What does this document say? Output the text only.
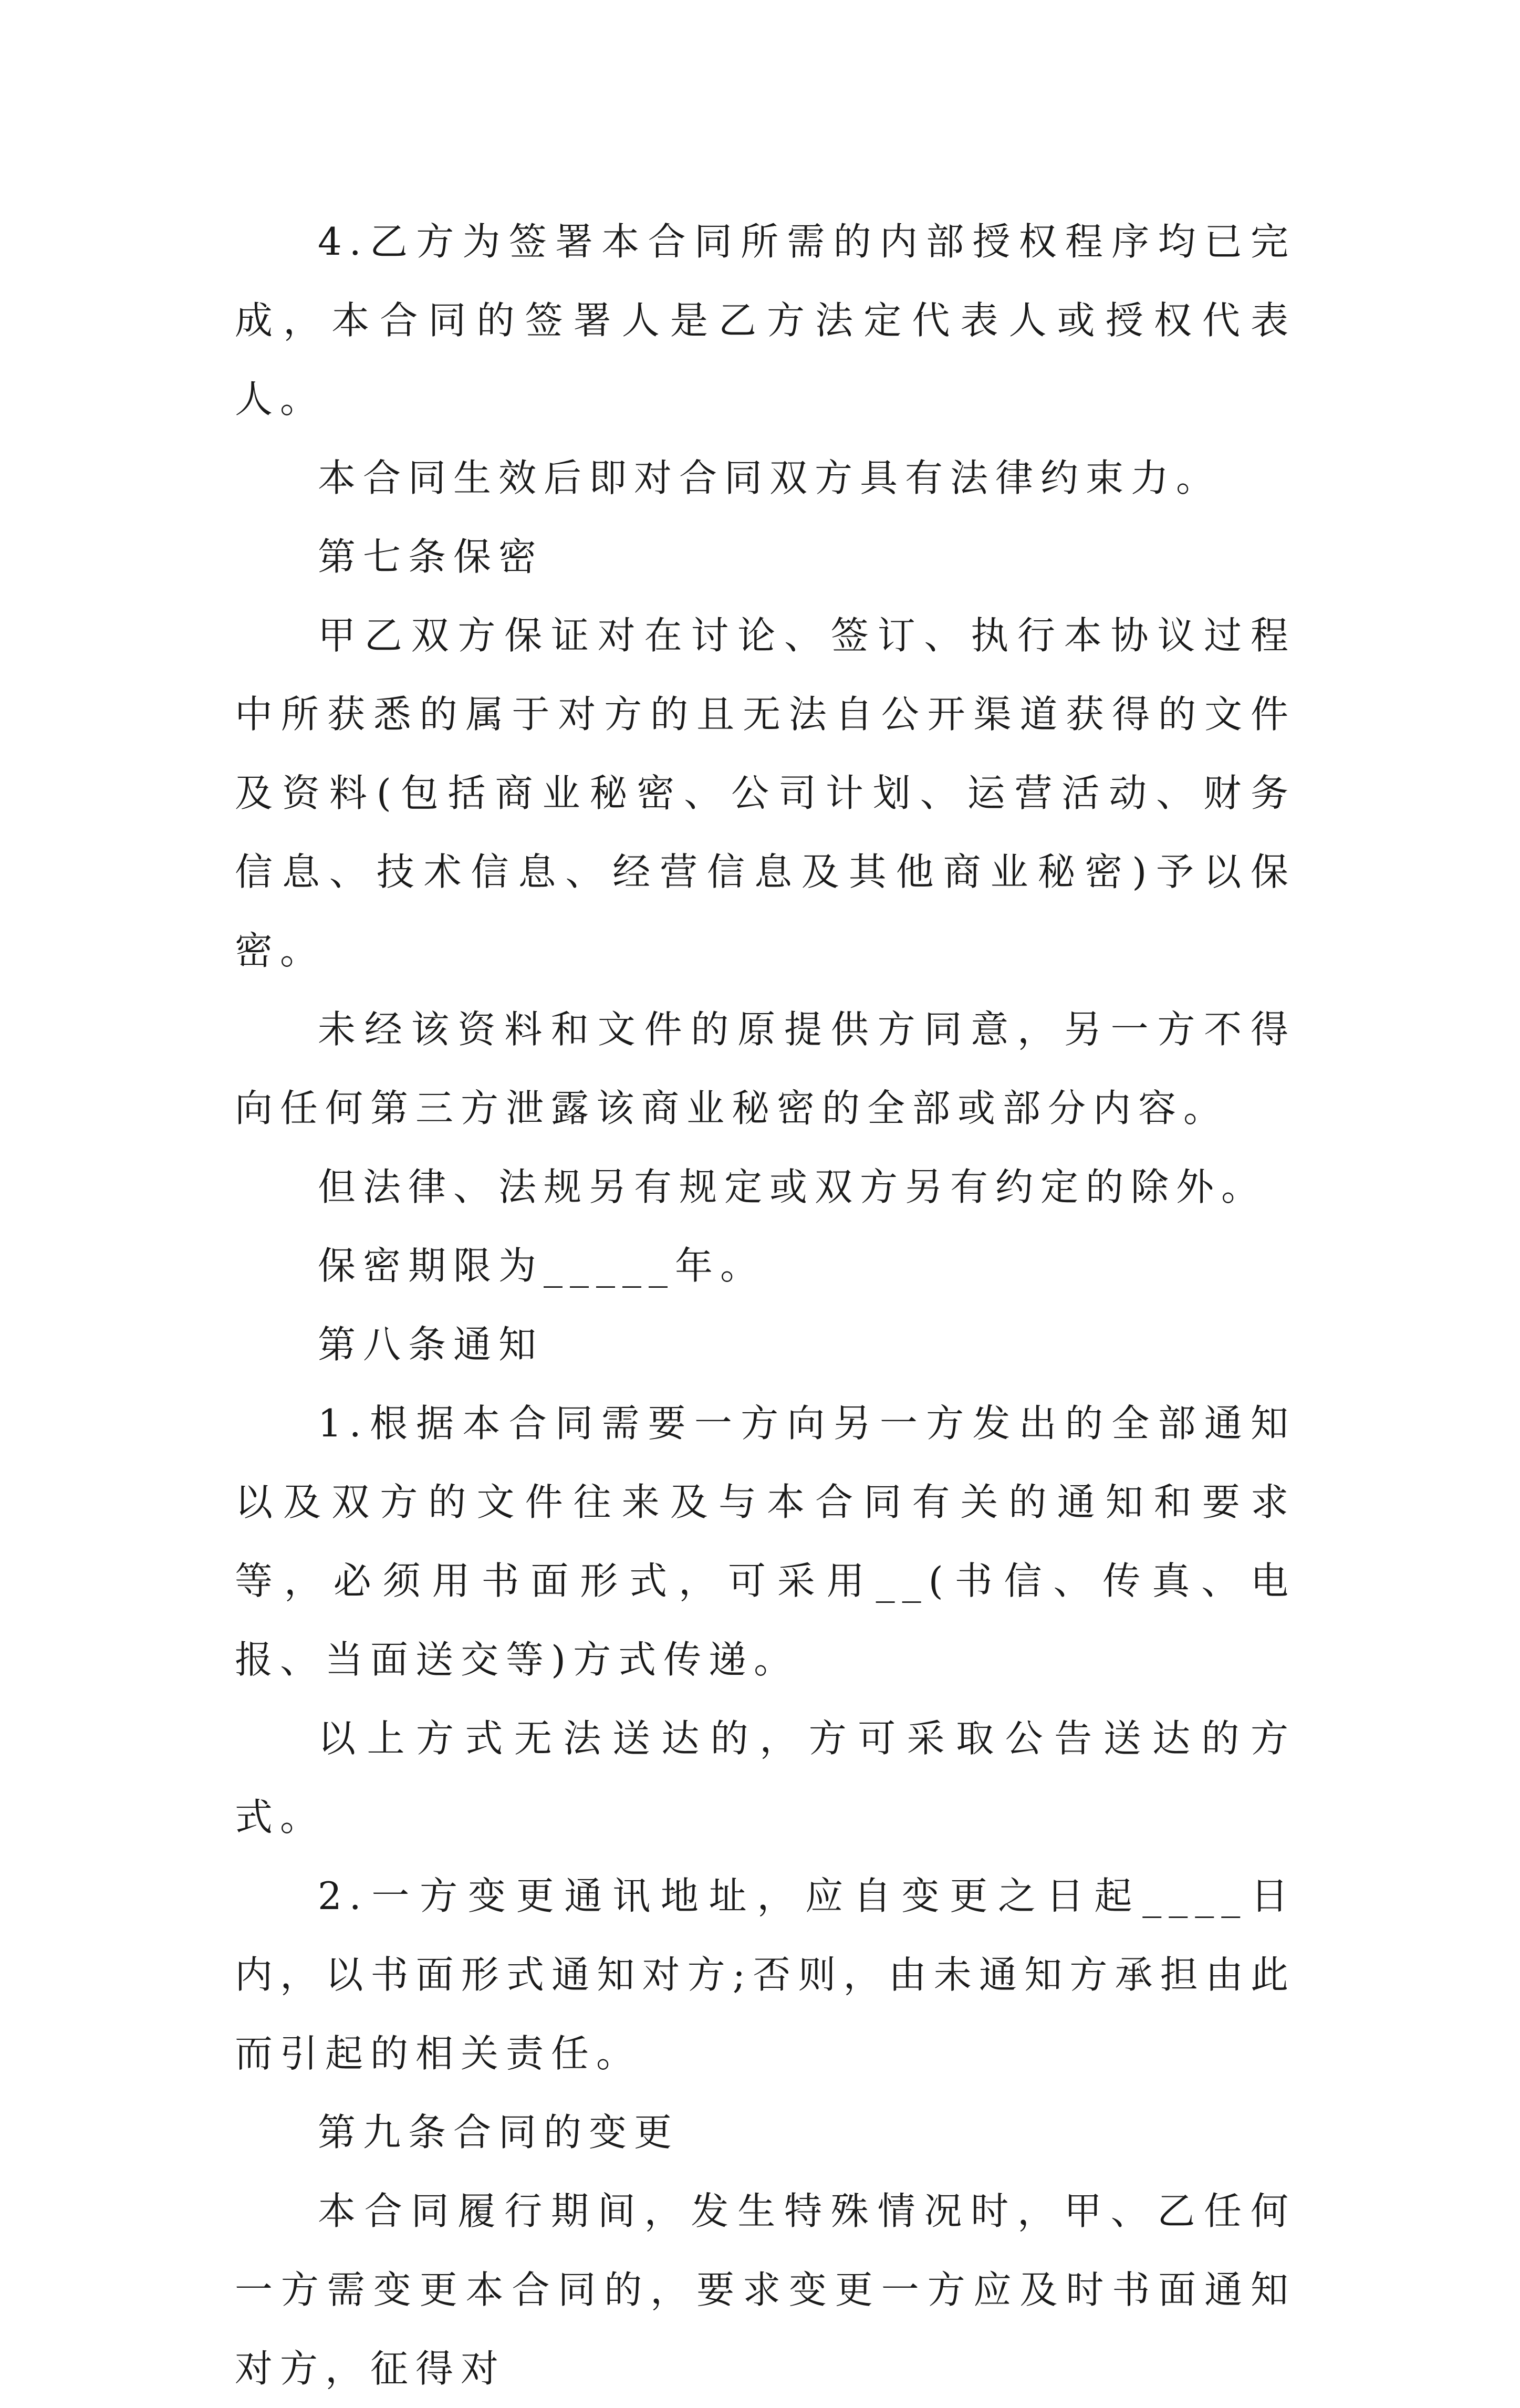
4.乙方为签署本合同所需的内部授权程序均已完成，本合同的签署人是乙方法定代表人或授权代表人。

本合同生效后即对合同双方具有法律约束力。

第七条保密

甲乙双方保证对在讨论、签订、执行本协议过程中所获悉的属于对方的且无法自公开渠道获得的文件及资料(包括商业秘密、公司计划、运营活动、财务信息、技术信息、经营信息及其他商业秘密)予以保密。

未经该资料和文件的原提供方同意，另一方不得向任何第三方泄露该商业秘密的全部或部分内容。

但法律、法规另有规定或双方另有约定的除外。

保密期限为_____年。

第八条通知

1.根据本合同需要一方向另一方发出的全部通知以及双方的文件往来及与本合同有关的通知和要求等，必须用书面形式，可采用__(书信、传真、电报、当面送交等)方式传递。

以上方式无法送达的，方可采取公告送达的方式。

2.一方变更通讯地址，应自变更之日起____日内，以书面形式通知对方;否则，由未通知方承担由此而引起的相关责任。

第九条合同的变更

本合同履行期间，发生特殊情况时，甲、乙任何一方需变更本合同的，要求变更一方应及时书面通知对方，征得对
